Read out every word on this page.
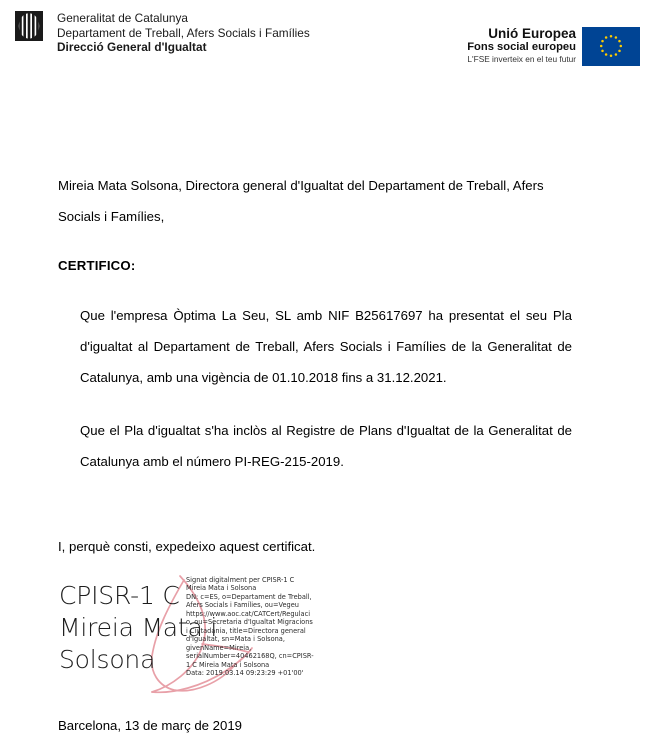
Generalitat de Catalunya
Departament de Treball, Afers Socials i Famílies
Direcció General d'Igualtat
Unió Europea
Fons social europeu
L'FSE inverteix en el teu futur
Mireia Mata Solsona, Directora general d'Igualtat del Departament de Treball, Afers Socials i Famílies,
CERTIFICO:
Que l'empresa Òptima La Seu, SL amb NIF B25617697 ha presentat el seu Pla d'igualtat al Departament de Treball, Afers Socials i Famílies de la Generalitat de Catalunya, amb una vigència de 01.10.2018 fins a 31.12.2021.
Que el Pla d'igualtat s'ha inclòs al Registre de Plans d'Igualtat de la Generalitat de Catalunya amb el número PI-REG-215-2019.
I, perquè consti, expedeixo aquest certificat.
CPISR-1 C Mireia Mata i Solsona
Signat digitalment per CPISR-1 C Mireia Mata i Solsona
DN: c=ES, o=Departament de Treball, Afers Socials i Famílies, ou=Vegeu https://www.aoc.cat/CATCert/Regulacio, ou=Secretaria d'Igualtat Migracions i Ciutadania, title=Directora general d'Igualtat, sn=Mata i Solsona, givenName=Mireia, serialNumber=40462168Q, cn=CPISR-1 C Mireia Mata i Solsona
Data: 2019.03.14 09:23:29 +01'00'
Barcelona, 13 de març de 2019
